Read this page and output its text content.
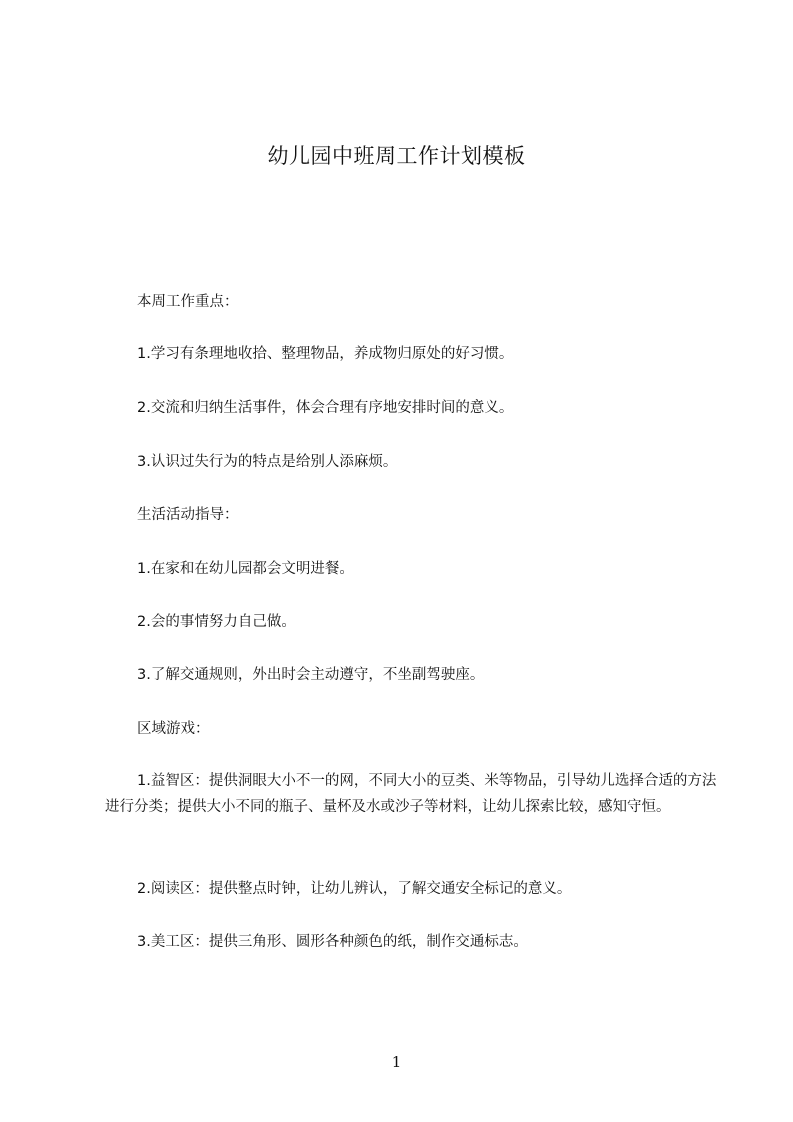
幼儿园中班周工作计划模板
本周工作重点：
1.学习有条理地收拾、整理物品，养成物归原处的好习惯。
2.交流和归纳生活事件，体会合理有序地安排时间的意义。
3.认识过失行为的特点是给别人添麻烦。
生活活动指导：
1.在家和在幼儿园都会文明进餐。
2.会的事情努力自己做。
3.了解交通规则，外出时会主动遵守，不坐副驾驶座。
区域游戏：
1.益智区：提供洞眼大小不一的网，不同大小的豆类、米等物品，引导幼儿选择合适的方法进行分类；提供大小不同的瓶子、量杯及水或沙子等材料，让幼儿探索比较，感知守恒。
2.阅读区：提供整点时钟，让幼儿辨认，了解交通安全标记的意义。
3.美工区：提供三角形、圆形各种颜色的纸，制作交通标志。
1
